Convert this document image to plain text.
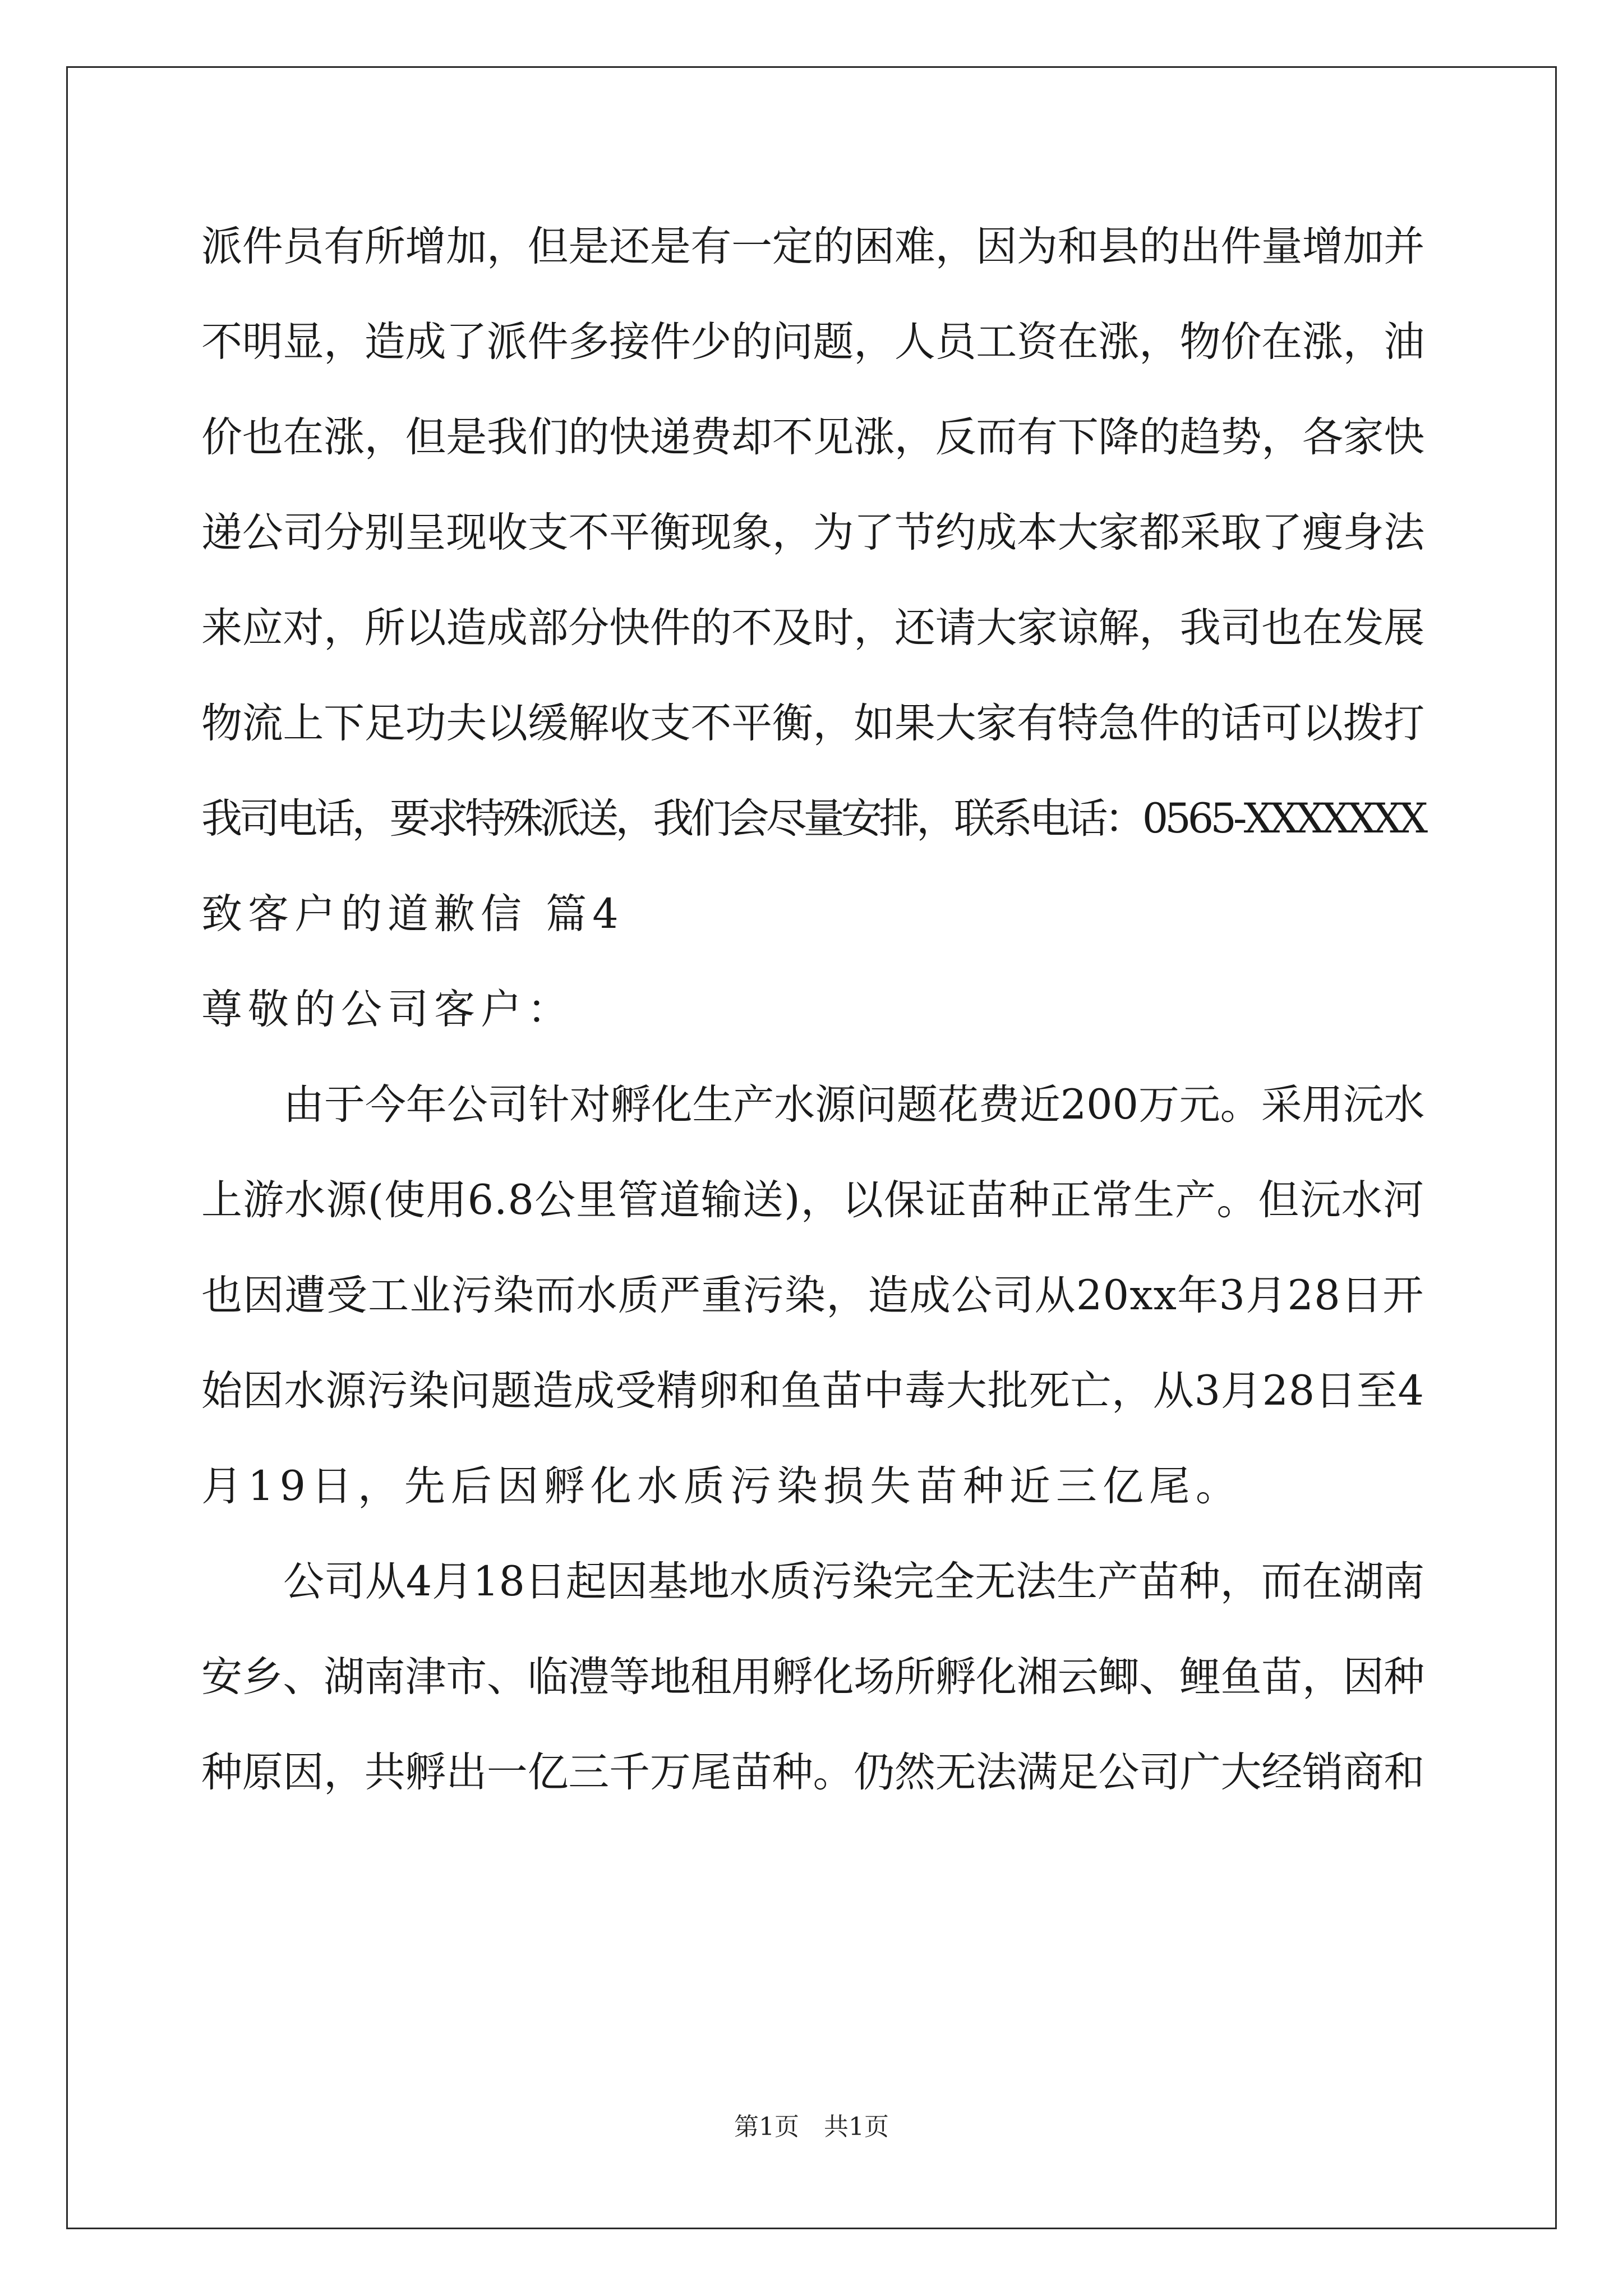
派件员有所增加，但是还是有一定的困难，因为和县的出件量增加并
不明显，造成了派件多接件少的问题，人员工资在涨，物价在涨，油
价也在涨，但是我们的快递费却不见涨，反而有下降的趋势，各家快
递公司分别呈现收支不平衡现象，为了节约成本大家都采取了瘦身法
来应对，所以造成部分快件的不及时，还请大家谅解，我司也在发展
物流上下足功夫以缓解收支不平衡，如果大家有特急件的话可以拨打
我司电话，要求特殊派送，我们会尽量安排，联系电话：0565-XXXXXXX
致客户的道歉信 篇4
尊敬的公司客户：
由于今年公司针对孵化生产水源问题花费近200万元。采用沅水
上游水源(使用6.8公里管道输送)，以保证苗种正常生产。但沅水河
也因遭受工业污染而水质严重污染，造成公司从20xx年3月28日开
始因水源污染问题造成受精卵和鱼苗中毒大批死亡，从3月28日至4
月19日，先后因孵化水质污染损失苗种近三亿尾。
公司从4月18日起因基地水质污染完全无法生产苗种，而在湖南
安乡、湖南津市、临澧等地租用孵化场所孵化湘云鲫、鲤鱼苗，因种
种原因，共孵出一亿三千万尾苗种。仍然无法满足公司广大经销商和
第1页　共1页
